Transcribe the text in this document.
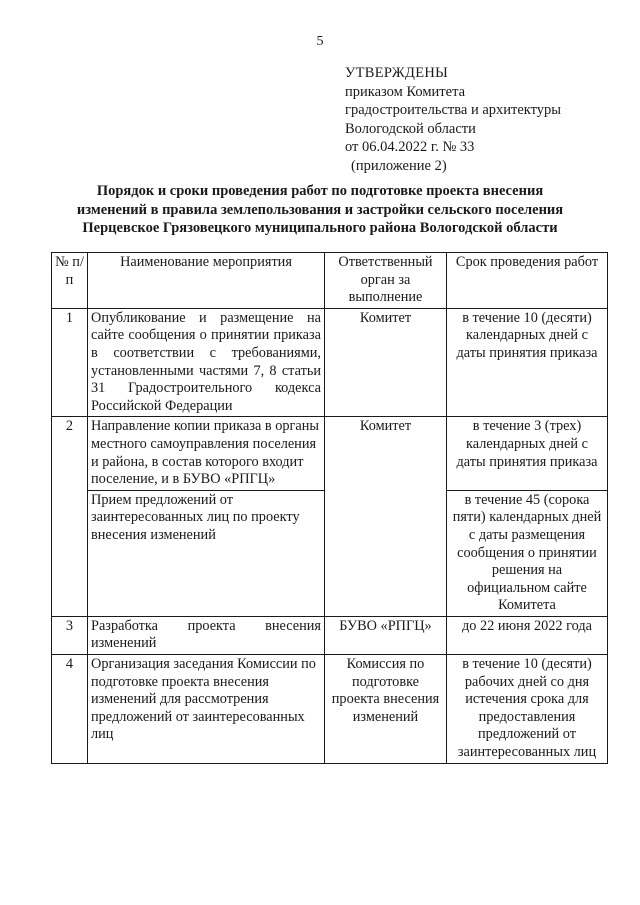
5
УТВЕРЖДЕНЫ
приказом Комитета
градостроительства и архитектуры
Вологодской области
от 06.04.2022 г. № 33
(приложение 2)
Порядок и сроки проведения работ по подготовке проекта внесения
изменений в правила землепользования и застройки сельского поселения
Перцевское Грязовецкого муниципального района Вологодской области
№ п/п	Наименование мероприятия	Ответственный орган за выполнение	Срок проведения работ
1	Опубликование и размещение на сайте сообщения о принятии приказа в соответствии с требованиями, установленными частями 7, 8 статьи 31 Градостроительного кодекса Российской Федерации	Комитет	в течение 10 (десяти) календарных дней с даты принятия приказа
2	Направление копии приказа в органы местного самоуправления поселения и района, в состав которого входит поселение, и в БУВО «РПГЦ»	Комитет	в течение 3 (трех) календарных дней с даты принятия приказа
	Прием предложений от заинтересованных лиц по проекту внесения изменений		в течение 45 (сорока пяти) календарных дней с даты размещения сообщения о принятии решения на официальном сайте Комитета
3	Разработка проекта внесения изменений	БУВО «РПГЦ»	до 22 июня 2022 года
4	Организация заседания Комиссии по подготовке проекта внесения изменений для рассмотрения предложений от заинтересованных лиц	Комиссия по подготовке проекта внесения изменений	в течение 10 (десяти) рабочих дней со дня истечения срока для предоставления предложений от заинтересованных лиц
